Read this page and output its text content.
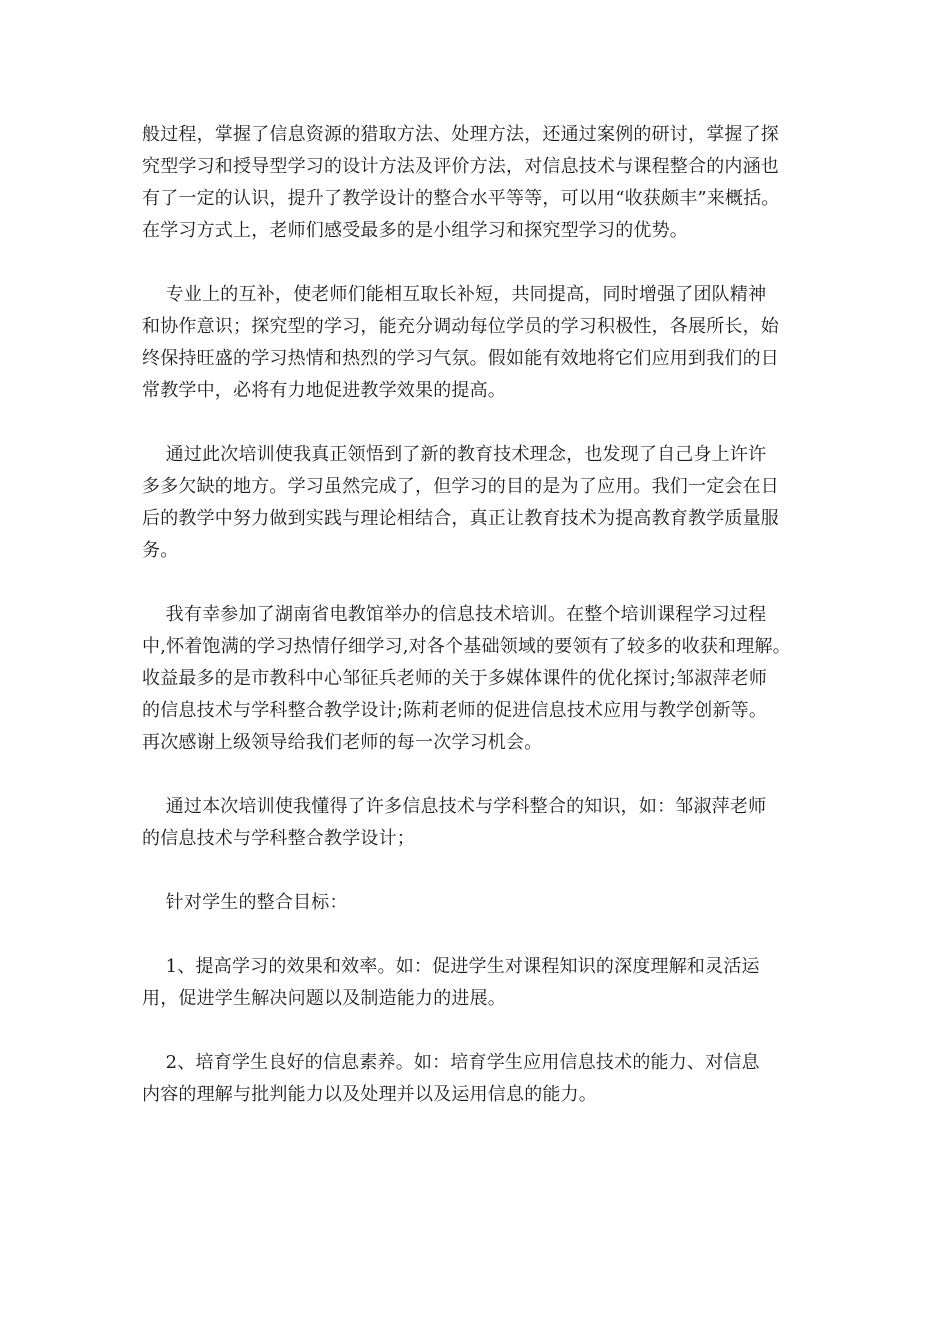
般过程，掌握了信息资源的猎取方法、处理方法，还通过案例的研讨，掌握了探
究型学习和授导型学习的设计方法及评价方法，对信息技术与课程整合的内涵也
有了一定的认识，提升了教学设计的整合水平等等，可以用“收获颇丰”来概括。
在学习方式上，老师们感受最多的是小组学习和探究型学习的优势。
专业上的互补，使老师们能相互取长补短，共同提高，同时增强了团队精神
和协作意识；探究型的学习，能充分调动每位学员的学习积极性，各展所长，始
终保持旺盛的学习热情和热烈的学习气氛。假如能有效地将它们应用到我们的日
常教学中，必将有力地促进教学效果的提高。
通过此次培训使我真正领悟到了新的教育技术理念，也发现了自己身上许许
多多欠缺的地方。学习虽然完成了，但学习的目的是为了应用。我们一定会在日
后的教学中努力做到实践与理论相结合，真正让教育技术为提高教育教学质量服
务。
我有幸参加了湖南省电教馆举办的信息技术培训。在整个培训课程学习过程
中,怀着饱满的学习热情仔细学习,对各个基础领域的要领有了较多的收获和理解。
收益最多的是市教科中心邹征兵老师的关于多媒体课件的优化探讨;邹淑萍老师
的信息技术与学科整合教学设计;陈莉老师的促进信息技术应用与教学创新等。
再次感谢上级领导给我们老师的每一次学习机会。
通过本次培训使我懂得了许多信息技术与学科整合的知识，如：邹淑萍老师
的信息技术与学科整合教学设计；
针对学生的整合目标：
1、提高学习的效果和效率。如：促进学生对课程知识的深度理解和灵活运
用，促进学生解决问题以及制造能力的进展。
2、培育学生良好的信息素养。如：培育学生应用信息技术的能力、对信息
内容的理解与批判能力以及处理并以及运用信息的能力。
